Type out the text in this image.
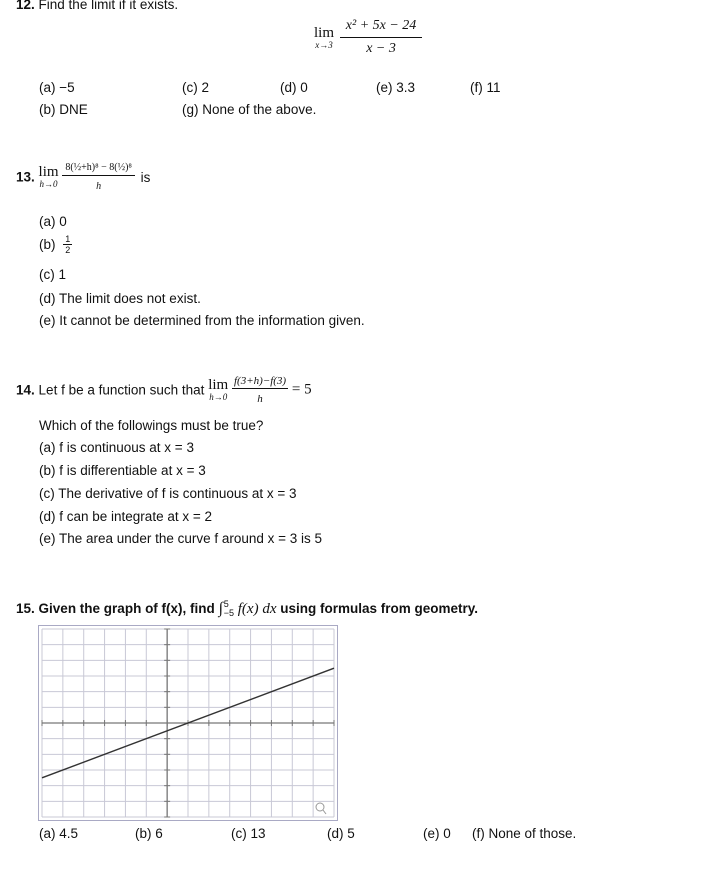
12. Find the limit if it exists.
lim
x→3
$\frac{\text{x² + 5x − 24}}{x - 3}$
(a) −5
(b) DNE
(c) 2	(d) 0	(e) 3.3	(f) 11
(g) None of the above.
13. lim
h→0
$\frac{\text{8(½+h)⁸ − 8(½)⁸}}{h}$ is
(a) 0
$(b) \frac{1}{2}$
(c) 1
(d) The limit does not exist.
(e) It cannot be determined from the information given.
14. Let f be a function such that lim
h→0
$\frac{f(3+h)-f(3)}{h} = 5$
Which of the followings must be true?
(a) f is continuous at x = 3
(b) f is differentiable at x = 3
(c) The derivative of f is continuous at x = 3
(d) f can be integrate at x = 2
(e) The area under the curve f around x = 3 is 5
15. Given the graph of f(x), find ∫ 5
−5 f(x) dx using formulas from geometry.
(a) 4.5	(b) 6	(c) 13	(d) 5	(e) 0 (f) None of those.
